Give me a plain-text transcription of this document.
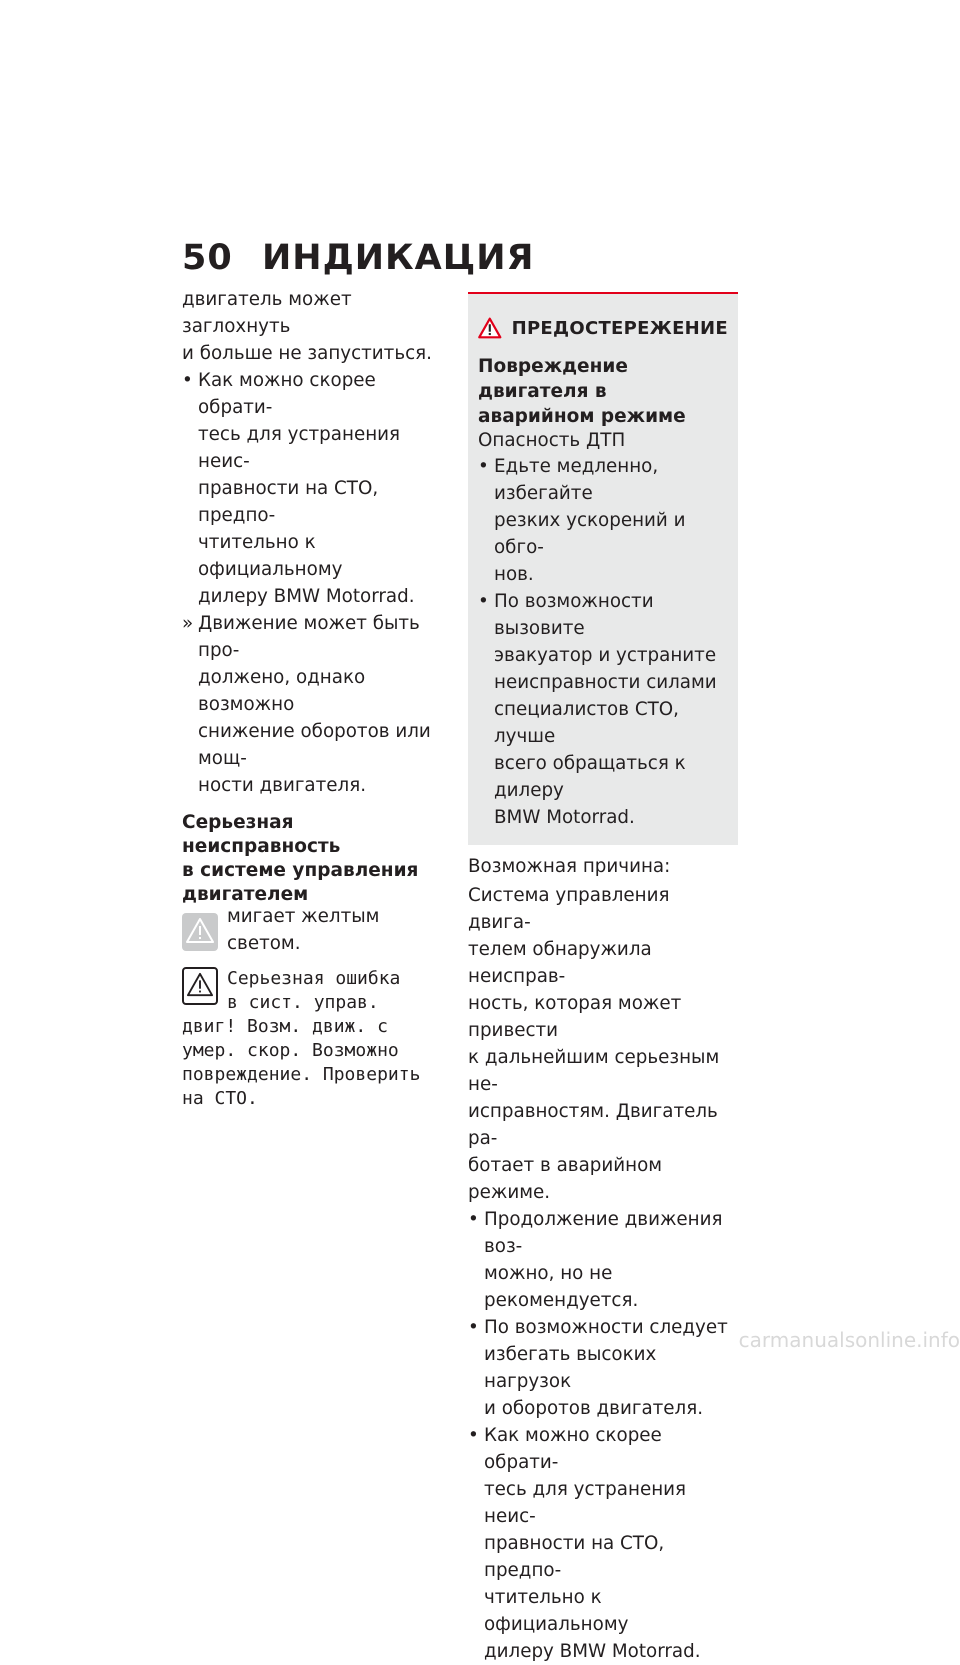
50 ИНДИКАЦИЯ

двигатель может заглохнуть

и больше не запуститься.

• Как можно скорее обрати-

тесь для устранения неис-

правности на СТО, предпо-

чтительно к официальному

дилеру BMW Motorrad.

» Движение может быть про-

должено, однако возможно

снижение оборотов или мощ-

ности двигателя.

Серьезная неисправность

в системе управления

двигателем

мигает желтым светом.

Серьезная ошибка

в сист. управ.

двиг! Возм. движ. с

умер. скор. Возможно

повреждение. Проверить

на СТО.

ПРЕДОСТЕРЕЖЕНИЕ

Повреждение двигателя в

аварийном режиме

Опасность ДТП

• Едьте медленно, избегайте

резких ускорений и обго-

нов.

• По возможности вызовите

эвакуатор и устраните

неисправности силами

специалистов СТО, лучше

всего обращаться к дилеру

BMW Motorrad.

Возможная причина:

Система управления двига-

телем обнаружила неисправ-

ность, которая может привести

к дальнейшим серьезным не-

исправностям. Двигатель ра-

ботает в аварийном режиме.

• Продолжение движения воз-

можно, но не рекомендуется.

• По возможности следует

избегать высоких нагрузок

и оборотов двигателя.

• Как можно скорее обрати-

тесь для устранения неис-

правности на СТО, предпо-

чтительно к официальному

дилеру BMW Motorrad.

carmanualsonline.info
